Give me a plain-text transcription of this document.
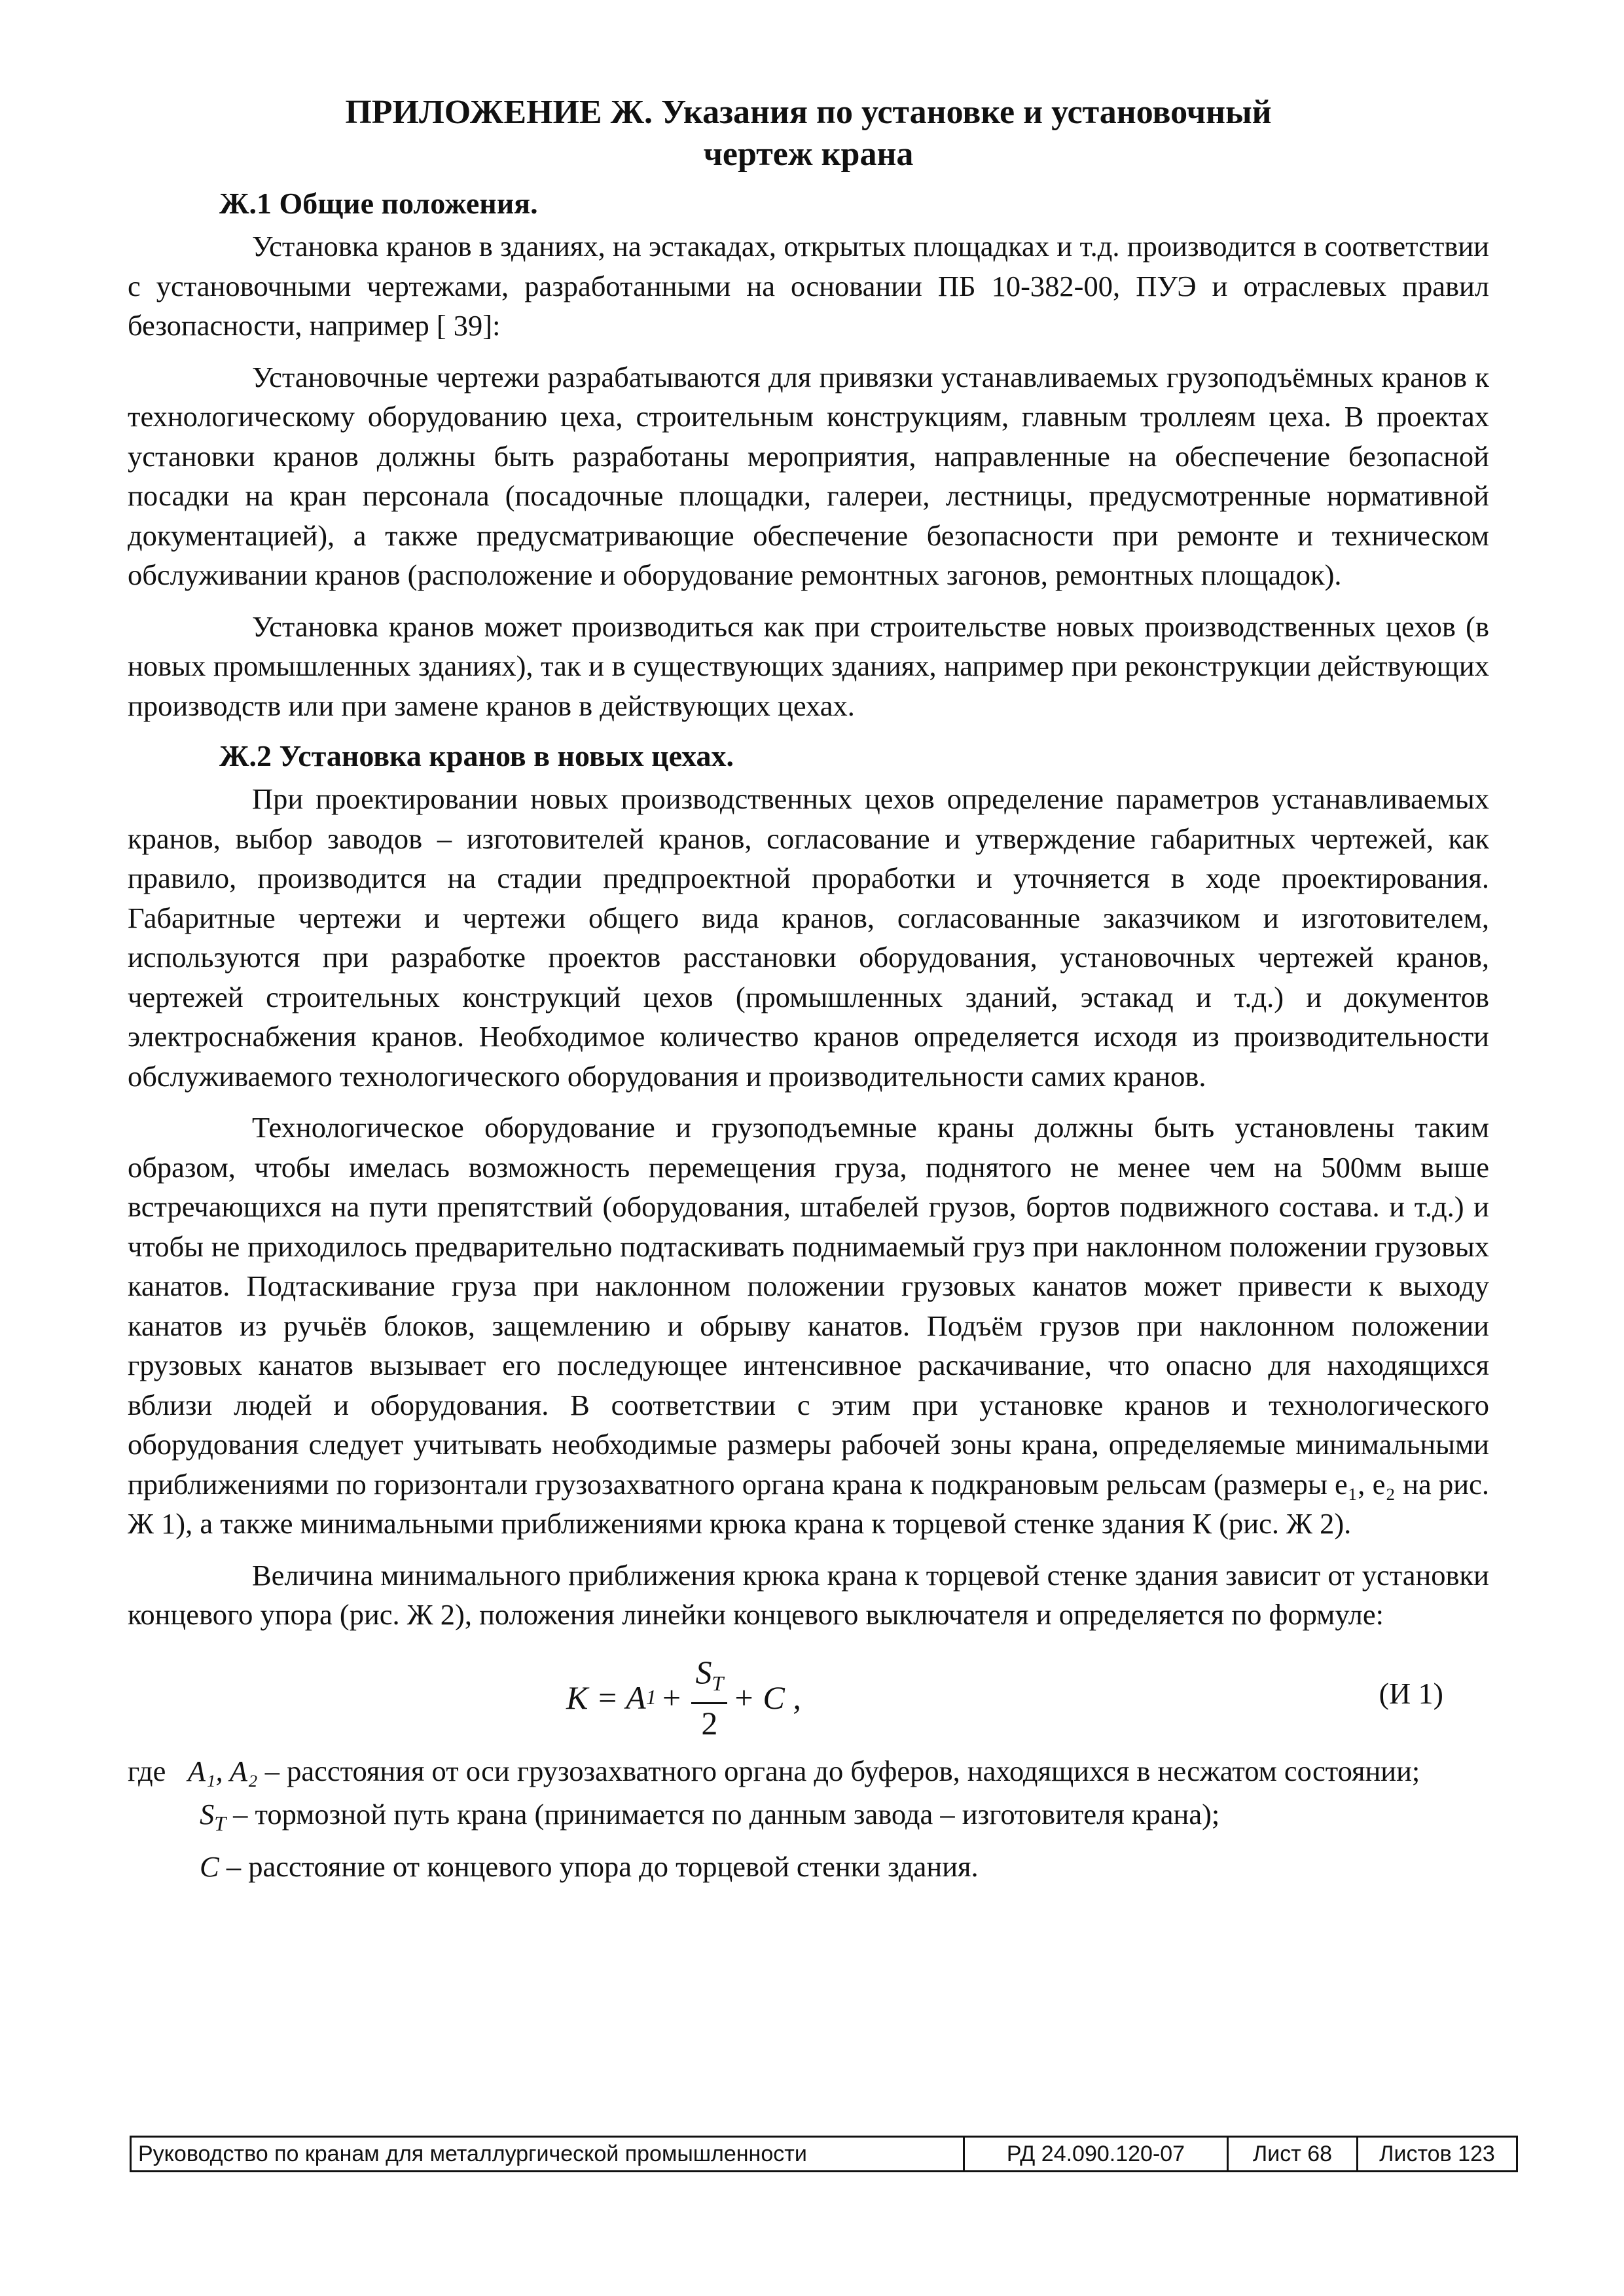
ПРИЛОЖЕНИЕ Ж. Указания по установке и установочный
чертеж крана
Ж.1 Общие положения.

Установка кранов в зданиях, на эстакадах, открытых площадках и т.д. производится в соответствии с установочными чертежами, разработанными на основании ПБ 10-382-00, ПУЭ и отраслевых правил безопасности, например [ 39]:

Установочные чертежи разрабатываются для привязки устанавливаемых грузоподъёмных кранов к технологическому оборудованию цеха, строительным конструкциям, главным троллеям цеха. В проектах установки кранов должны быть разработаны мероприятия, направленные на обеспечение безопасной посадки на кран персонала (посадочные площадки, галереи, лестницы, предусмотренные нормативной документацией), а также предусматривающие обеспечение безопасности при ремонте и техническом обслуживании кранов (расположение и оборудование ремонтных загонов, ремонтных площадок).

Установка кранов может производиться как при строительстве новых производственных цехов (в новых промышленных зданиях), так и в существующих зданиях, например при реконструкции действующих производств или при замене кранов в действующих цехах.

Ж.2 Установка кранов в новых цехах.

При проектировании новых производственных цехов определение параметров устанавливаемых кранов, выбор заводов – изготовителей кранов, согласование и утверждение габаритных чертежей, как правило, производится на стадии предпроектной проработки и уточняется в ходе проектирования. Габаритные чертежи и чертежи общего вида кранов, согласованные заказчиком и изготовителем, используются при разработке проектов расстановки оборудования, установочных чертежей кранов, чертежей строительных конструкций цехов (промышленных зданий, эстакад и т.д.) и документов электроснабжения кранов. Необходимое количество кранов определяется исходя из производительности обслуживаемого технологического оборудования и производительности самих кранов.

Технологическое оборудование и грузоподъемные краны должны быть установлены таким образом, чтобы имелась возможность перемещения груза, поднятого не менее чем на 500мм выше встречающихся на пути препятствий (оборудования, штабелей грузов, бортов подвижного состава. и т.д.) и чтобы не приходилось предварительно подтаскивать поднимаемый груз при наклонном положении грузовых канатов. Подтаскивание груза при наклонном положении грузовых канатов может привести к выходу канатов из ручьёв блоков, защемлению и обрыву канатов. Подъём грузов при наклонном положении грузовых канатов вызывает его последующее интенсивное раскачивание, что опасно для находящихся вблизи людей и оборудования. В соответствии с этим при установке кранов и технологического оборудования следует учитывать необходимые размеры рабочей зоны крана, определяемые минимальными приближениями по горизонтали грузозахватного органа крана к подкрановым рельсам (размеры e₁, e₂ на рис. Ж 1), а также минимальными приближениями крюка крана к торцевой стенке здания К (рис. Ж 2).

Величина минимального приближения крюка крана к торцевой стенке здания зависит от установки концевого упора (рис. Ж 2), положения линейки концевого выключателя и определяется по формуле:

K = A $1 + \frac{S_T}{2} + C$ ,	(И 1)

где A₁, A₂ – расстояния от оси грузозахватного органа до буферов, находящихся в несжатом состоянии;

$S_T$ – тормозной путь крана (принимается по данным завода – изготовителя крана);

C – расстояние от концевого упора до торцевой стенки здания.

Руководство по кранам для металлургической промышленности	РД 24.090.120-07	Лист 68	Листов 123
